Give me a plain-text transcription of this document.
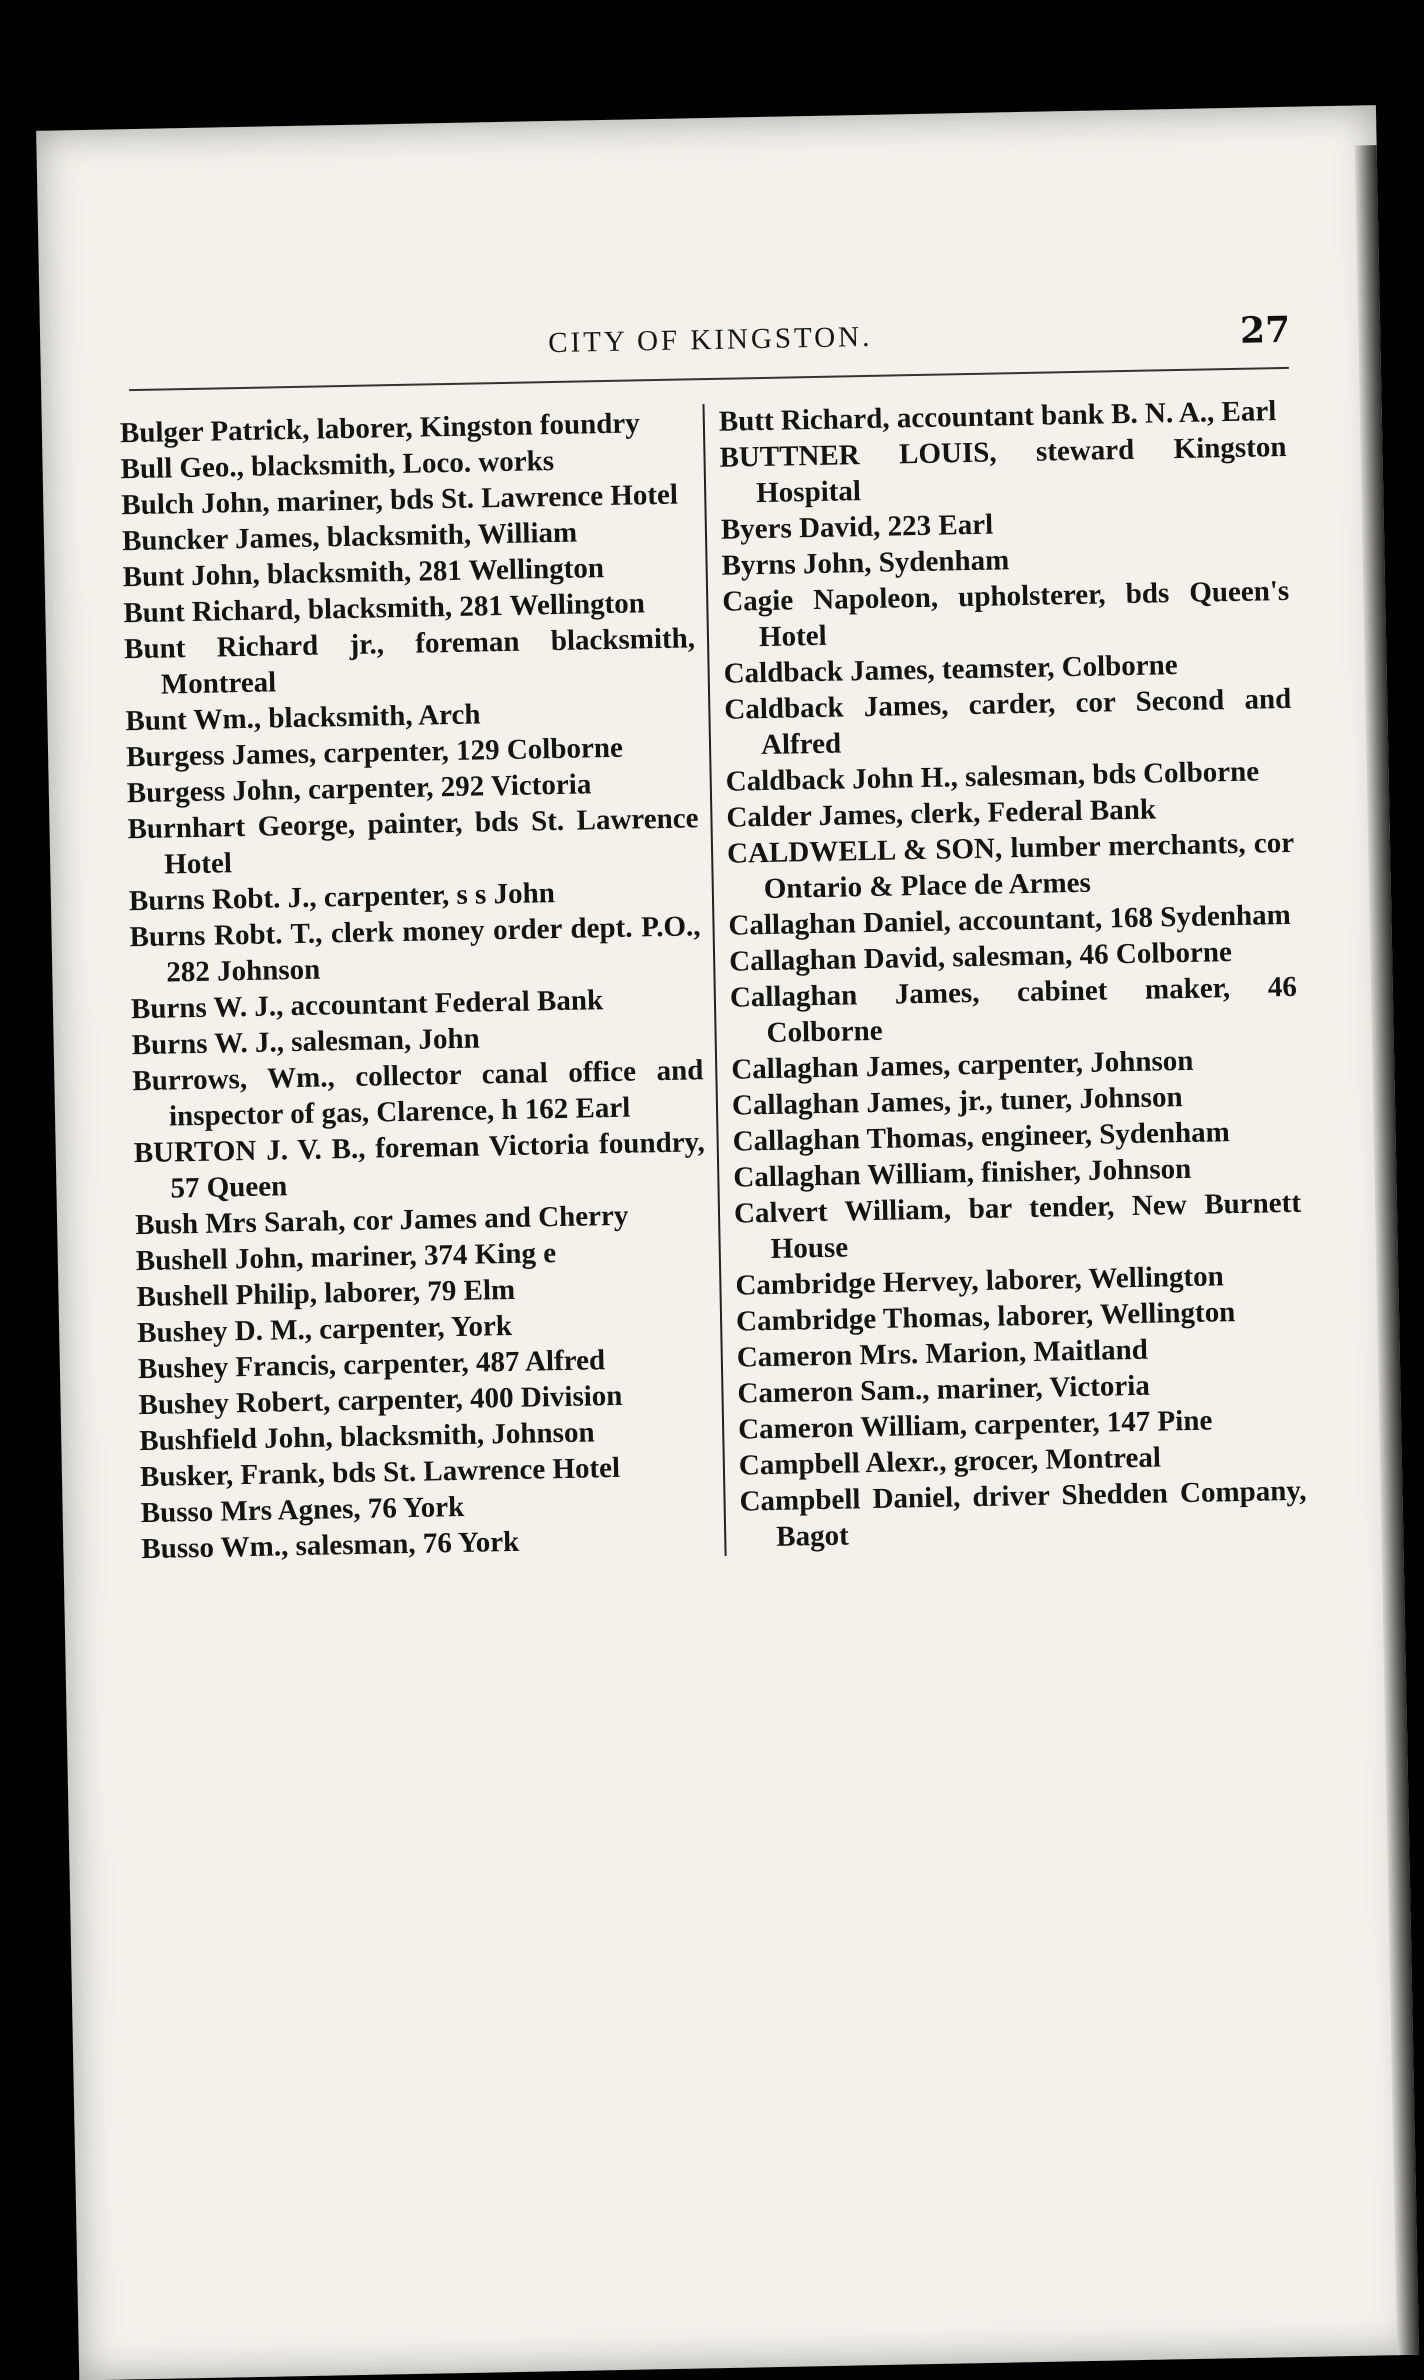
CITY OF KINGSTON.	27

Bulger Patrick, laborer, Kingston foundry

Bull Geo., blacksmith, Loco. works

Bulch John, mariner, bds St. Lawrence Hotel

Buncker James, blacksmith, William

Bunt John, blacksmith, 281 Wellington

Bunt Richard, blacksmith, 281 Wellington

Bunt Richard jr., foreman blacksmith, Montreal

Bunt Wm., blacksmith, Arch

Burgess James, carpenter, 129 Colborne

Burgess John, carpenter, 292 Victoria

Burnhart George, painter, bds St. Lawrence Hotel

Burns Robt. J., carpenter, s s John

Burns Robt. T., clerk money order dept. P.O., 282 Johnson

Burns W. J., accountant Federal Bank

Burns W. J., salesman, John

Burrows, Wm., collector canal office and inspector of gas, Clarence, h 162 Earl

BURTON J. V. B., foreman Victoria foundry, 57 Queen

Bush Mrs Sarah, cor James and Cherry

Bushell John, mariner, 374 King e

Bushell Philip, laborer, 79 Elm

Bushey D. M., carpenter, York

Bushey Francis, carpenter, 487 Alfred

Bushey Robert, carpenter, 400 Division

Bushfield John, blacksmith, Johnson

Busker, Frank, bds St. Lawrence Hotel

Busso Mrs Agnes, 76 York

Busso Wm., salesman, 76 York

Butt Richard, accountant bank B. N. A., Earl

BUTTNER LOUIS, steward Kingston Hospital

Byers David, 223 Earl

Byrns John, Sydenham

Cagie Napoleon, upholsterer, bds Queen's Hotel

Caldback James, teamster, Colborne

Caldback James, carder, cor Second and Alfred

Caldback John H., salesman, bds Colborne

Calder James, clerk, Federal Bank

CALDWELL & SON, lumber merchants, cor Ontario & Place de Armes

Callaghan Daniel, accountant, 168 Sydenham

Callaghan David, salesman, 46 Colborne

Callaghan James, cabinet maker, 46 Colborne

Callaghan James, carpenter, Johnson

Callaghan James, jr., tuner, Johnson

Callaghan Thomas, engineer, Sydenham

Callaghan William, finisher, Johnson

Calvert William, bar tender, New Burnett House

Cambridge Hervey, laborer, Wellington

Cambridge Thomas, laborer, Wellington

Cameron Mrs. Marion, Maitland

Cameron Sam., mariner, Victoria

Cameron William, carpenter, 147 Pine

Campbell Alexr., grocer, Montreal

Campbell Daniel, driver Shedden Company, Bagot
